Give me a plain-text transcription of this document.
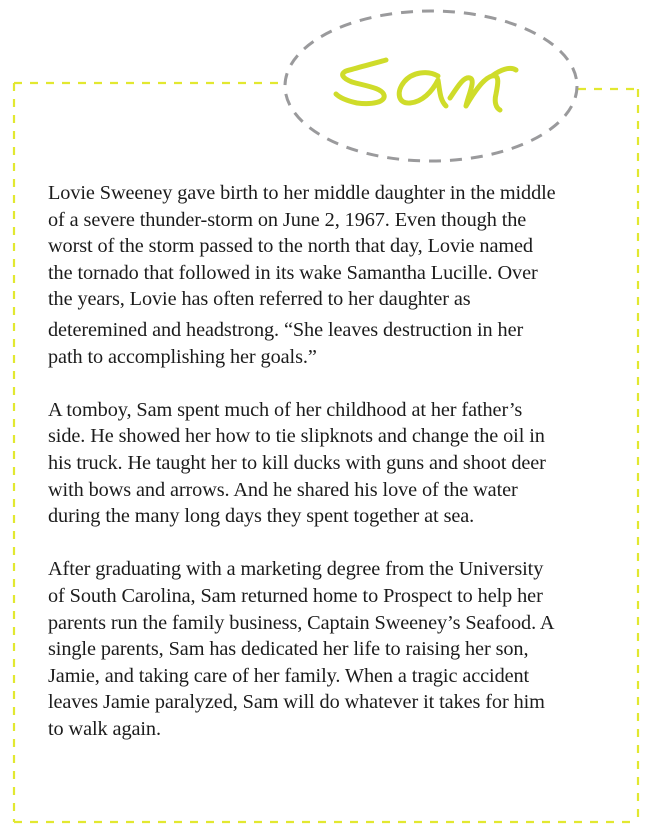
Lovie Sweeney gave birth to her middle daughter in the middle
of a severe thunder-storm on June 2, 1967. Even though the
worst of the storm passed to the north that day, Lovie named
the tornado that followed in its wake Samantha Lucille. Over
the years, Lovie has often referred to her daughter as
deteremined and headstrong. “She leaves destruction in her
path to accomplishing her goals.”

A tomboy, Sam spent much of her childhood at her father’s
side. He showed her how to tie slipknots and change the oil in
his truck. He taught her to kill ducks with guns and shoot deer
with bows and arrows. And he shared his love of the water
during the many long days they spent together at sea.

After graduating with a marketing degree from the University
of South Carolina, Sam returned home to Prospect to help her
parents run the family business, Captain Sweeney’s Seafood. A
single parents, Sam has dedicated her life to raising her son,
Jamie, and taking care of her family. When a tragic accident
leaves Jamie paralyzed, Sam will do whatever it takes for him
to walk again.
